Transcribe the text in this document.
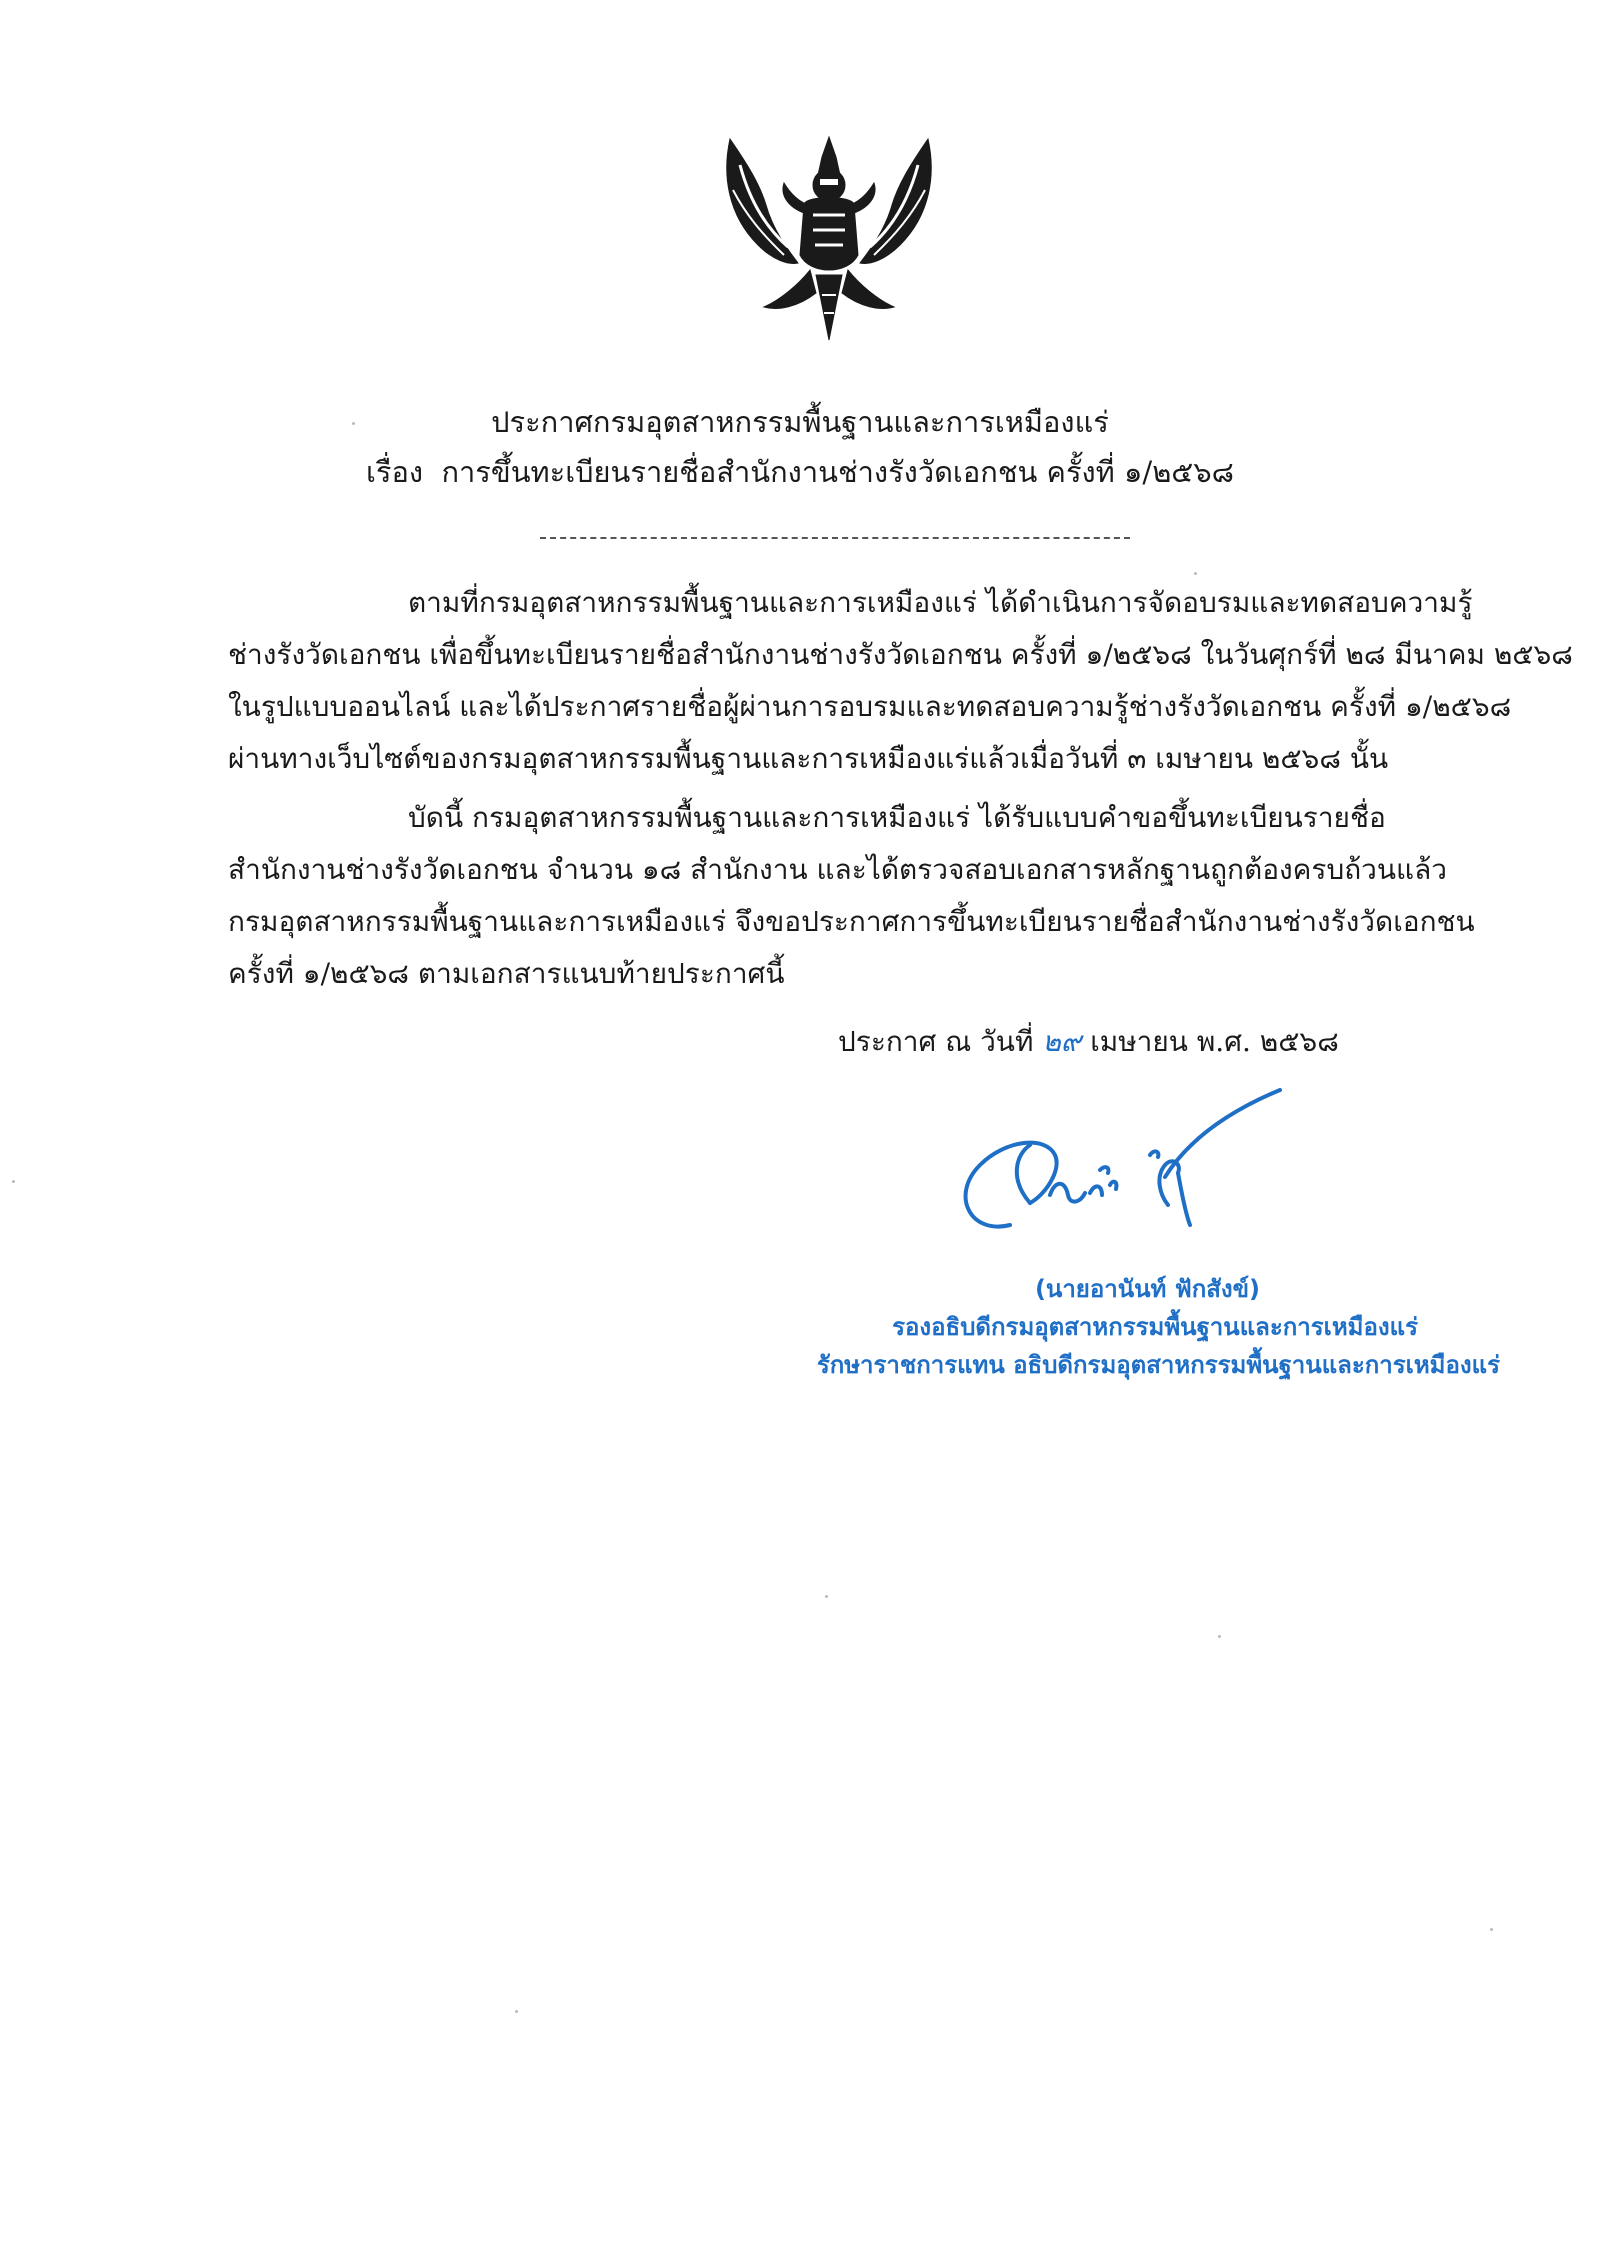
ประกาศกรมอุตสาหกรรมพื้นฐานและการเหมืองแร่
เรื่อง การขึ้นทะเบียนรายชื่อสำนักงานช่างรังวัดเอกชน ครั้งที่ ๑/๒๕๖๘
ตามที่กรมอุตสาหกรรมพื้นฐานและการเหมืองแร่ ได้ดำเนินการจัดอบรมและทดสอบความรู้
ช่างรังวัดเอกชน เพื่อขึ้นทะเบียนรายชื่อสำนักงานช่างรังวัดเอกชน ครั้งที่ ๑/๒๕๖๘ ในวันศุกร์ที่ ๒๘ มีนาคม ๒๕๖๘
ในรูปแบบออนไลน์ และได้ประกาศรายชื่อผู้ผ่านการอบรมและทดสอบความรู้ช่างรังวัดเอกชน ครั้งที่ ๑/๒๕๖๘
ผ่านทางเว็บไซต์ของกรมอุตสาหกรรมพื้นฐานและการเหมืองแร่แล้วเมื่อวันที่ ๓ เมษายน ๒๕๖๘ นั้น
บัดนี้ กรมอุตสาหกรรมพื้นฐานและการเหมืองแร่ ได้รับแบบคำขอขึ้นทะเบียนรายชื่อ
สำนักงานช่างรังวัดเอกชน จำนวน ๑๘ สำนักงาน และได้ตรวจสอบเอกสารหลักฐานถูกต้องครบถ้วนแล้ว
กรมอุตสาหกรรมพื้นฐานและการเหมืองแร่ จึงขอประกาศการขึ้นทะเบียนรายชื่อสำนักงานช่างรังวัดเอกชน
ครั้งที่ ๑/๒๕๖๘ ตามเอกสารแนบท้ายประกาศนี้
ประกาศ ณ วันที่ ๒๙ เมษายน พ.ศ. ๒๕๖๘
(นายอานันท์ ฟักสังข์)
รองอธิบดีกรมอุตสาหกรรมพื้นฐานและการเหมืองแร่
รักษาราชการแทน อธิบดีกรมอุตสาหกรรมพื้นฐานและการเหมืองแร่
